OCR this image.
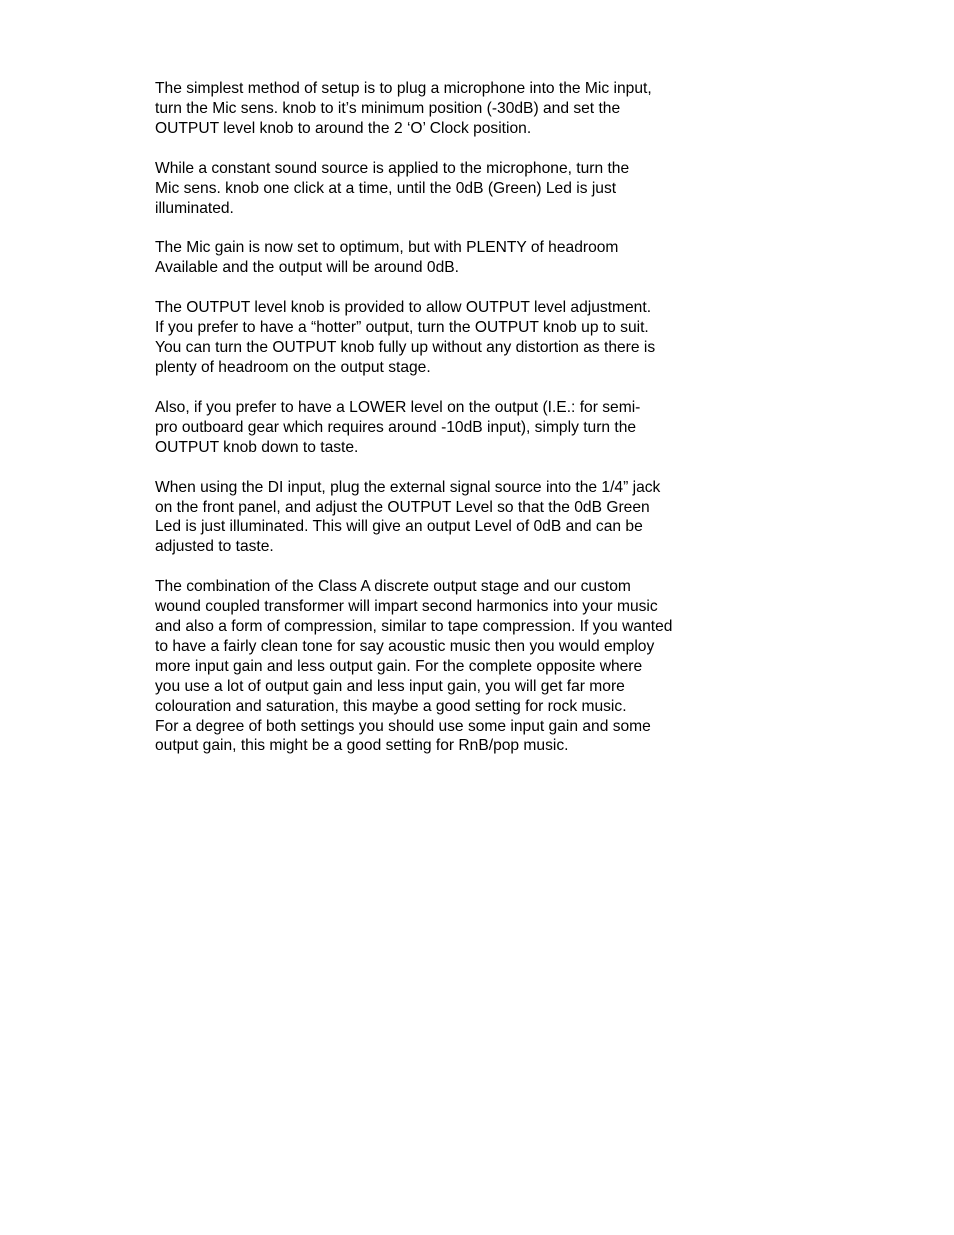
The simplest method of setup is to plug a microphone into the Mic input,
turn the Mic sens. knob to it’s minimum position (-30dB) and set the
OUTPUT level knob to around the 2 ‘O’ Clock position.
While a constant sound source is applied to the microphone, turn the
Mic sens. knob one click at a time, until the 0dB (Green) Led is just
illuminated.
The Mic gain is now set to optimum, but with PLENTY of headroom
Available and the output will be around 0dB.
The OUTPUT level knob is provided to allow OUTPUT level adjustment.
If you prefer to have a “hotter” output, turn the OUTPUT knob up to suit.
You can turn the OUTPUT knob fully up without any distortion as there is
plenty of headroom on the output stage.
Also, if you prefer to have a LOWER level on the output (I.E.: for semi-
pro outboard gear which requires around -10dB input), simply turn the
OUTPUT knob down to taste.
When using the DI input, plug the external signal source into the 1/4” jack
on the front panel, and adjust the OUTPUT Level so that the 0dB Green
Led is just illuminated. This will give an output Level of 0dB and can be
adjusted to taste.
The combination of the Class A discrete output stage and our custom
wound coupled transformer will impart second harmonics into your music
and also a form of compression, similar to tape compression. If you wanted
to have a fairly clean tone for say acoustic music then you would employ
more input gain and less output gain. For the complete opposite where
you use a lot of output gain and less input gain, you will get far more
colouration and saturation, this maybe a good setting for rock music.
For a degree of both settings you should use some input gain and some
output gain, this might be a good setting for RnB/pop music.
